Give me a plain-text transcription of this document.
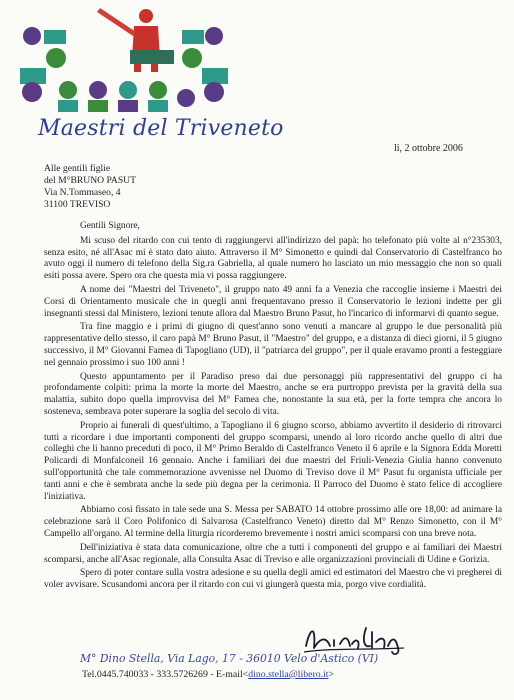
Maestri del Triveneto
li, 2 ottobre 2006
Alle gentili figlie
del M°BRUNO PASUT
Via N.Tommaseo, 4
31100 TREVISO
Gentili Signore,

Mi scuso del ritardo con cui tento di raggiungervi all'indirizzo del papà: ho telefonato più volte al n°235303, senza esito, né all'Asac mi è stato dato aiuto. Attraverso il M° Simonetto e quindi dal Conservatorio di Castelfranco ho avuto oggi il numero di telefono della Sig.ra Gabriella, al quale numero ho lasciato un mio messaggio che non so quali esiti possa avere. Spero ora che questa mia vi possa raggiungere.

A nome dei "Maestri del Triveneto", il gruppo nato 49 anni fa a Venezia che raccoglie insieme i Maestri dei Corsi di Orientamento musicale che in quegli anni frequentavano presso il Conservatorio le lezioni indette per gli insegnanti stessi dal Ministero, lezioni tenute allora dal Maestro Bruno Pasut, ho l'incarico di informarvi di quanto segue.

Tra fine maggio e i primi di giugno di quest'anno sono venuti a mancare al gruppo le due personalità più rappresentative dello stesso, il caro papà M° Bruno Pasut, il "Maestro" del gruppo, e a distanza di dieci giorni, il 5 giugno successivo, il M° Giovanni Famea di Tapogliano (UD), il "patriarca del gruppo", per il quale eravamo pronti a festeggiare nel gennaio prossimo i suo 100 anni !

Questo appuntamento per il Paradiso preso dai due personaggi più rappresentativi del gruppo ci ha profondamente colpiti: prima la morte la morte del Maestro, anche se era purtroppo prevista per la gravità della sua malattia, subito dopo quella improvvisa del M° Famea che, nonostante la sua età, per la forte tempra che ancora lo sosteneva, sembrava poter superare la soglia del secolo di vita.

Proprio ai funerali di quest'ultimo, a Tapogliano il 6 giugno scorso, abbiamo avvertito il desiderio di ritrovarci tutti a ricordare i due importanti componenti del gruppo scomparsi, unendo al loro ricordo anche quello di altri due colleghi che li hanno preceduti di poco, il M° Primo Beraldo di Castelfranco Veneto il 6 aprile e la Signora Edda Moretti Policardi di Monfalconeil 16 gennaio. Anche i familiari dei due maestri del Friuli-Venezia Giulia hanno convenuto sull'opportunità che tale commemorazione avvenisse nel Duomo di Treviso dove il M° Pasut fu organista ufficiale per tanti anni e che è sembrata anche la sede più degna per la cerimonia. Il Parroco del Duomo è stato felice di accogliere l'iniziativa.

Abbiamo così fissato in tale sede una S. Messa per SABATO 14 ottobre prossimo alle ore 18,00: ad animare la celebrazione sarà il Coro Polifonico di Salvarosa (Castelfranco Veneto) diretto dal M° Renzo Simonetto, con il M° Campello all'organo. Al termine della liturgia ricorderemo brevemente i nostri amici scomparsi con una breve nota.

Dell'iniziativa è stata data comunicazione, oltre che a tutti i componenti del gruppo e ai familiari dei Maestri scomparsi, anche all'Asac regionale, alla Consulta Asac di Treviso e alle organizzazioni provinciali di Udine e Gorizia.

Spero di poter contare sulla vostra adesione e su quella degli amici ed estimatori del Maestro che vi pregherei di voler avvisare. Scusandomi ancora per il ritardo con cui vi giungerà questa mia, porgo vive cordialità.

M° Dino Stella, Via Lago, 17 - 36010 Velo d'Astico (VI)
Tel.0445.740033 - 333.5726269 - E-mail<dino.stella@libero.it>
